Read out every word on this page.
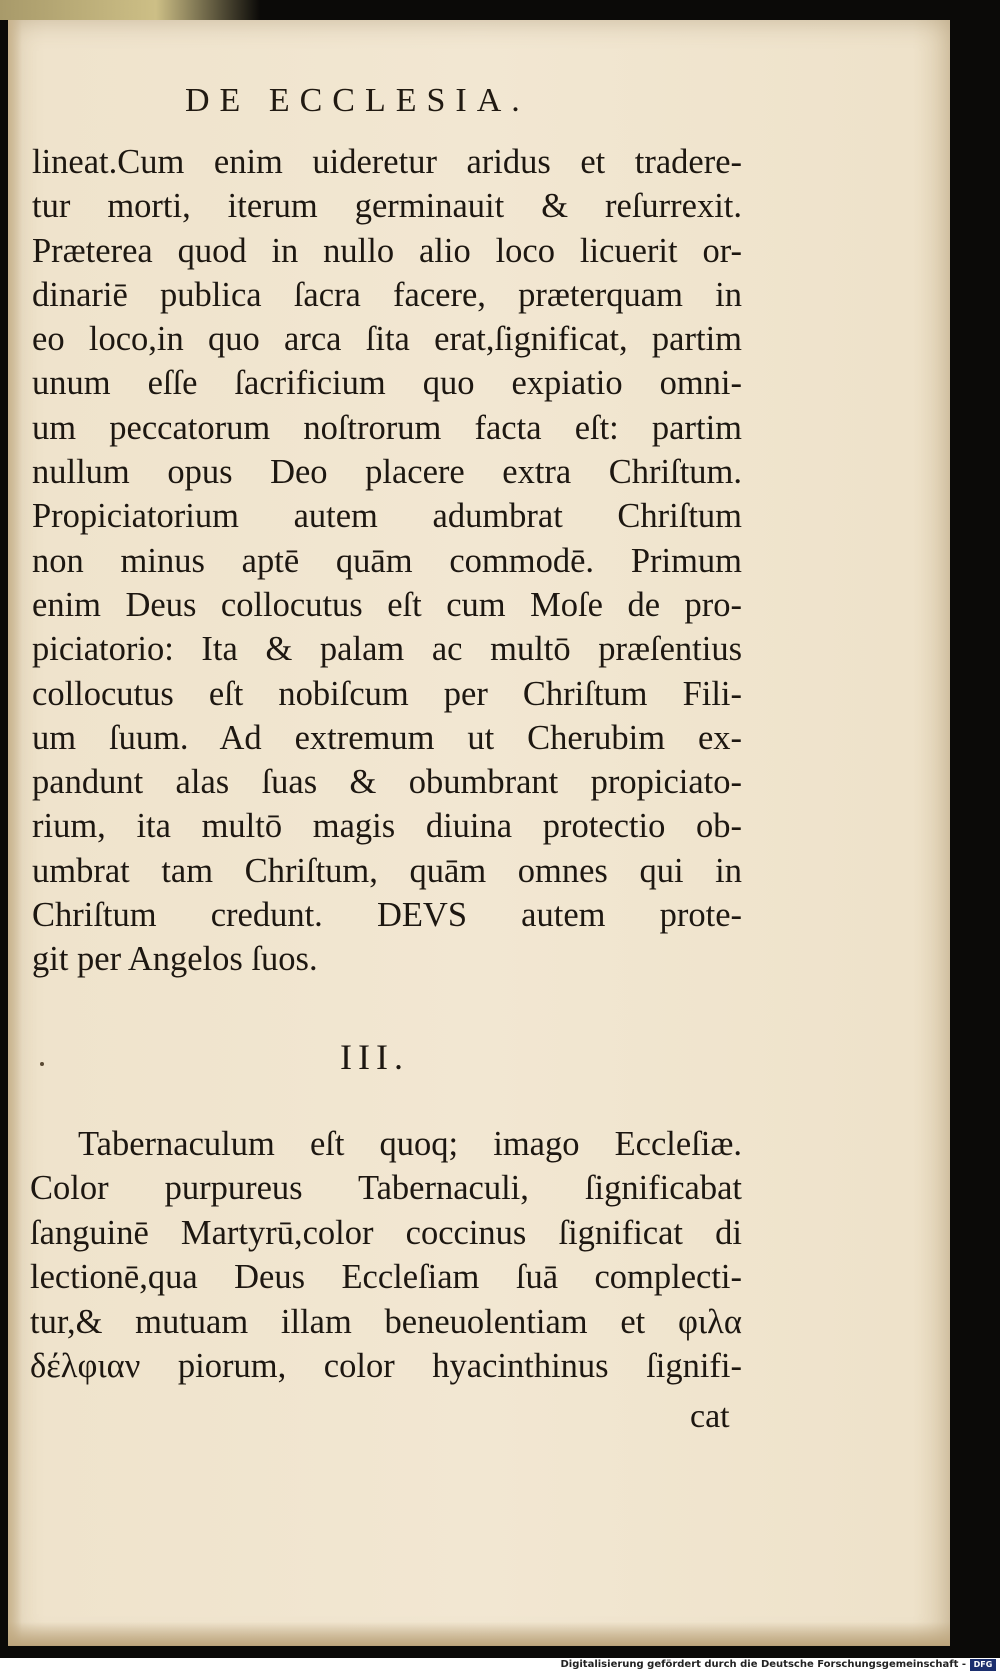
DE ECCLESIA.
lineat.Cum enim uideretur aridus et tradere-
tur morti, iterum germinauit & reſurrexit.
Præterea quod in nullo alio loco licuerit or-
dinariē publica ſacra facere, præterquam in
eo loco,in quo arca ſita erat,ſignificat, partim
unum eſſe ſacrificium quo expiatio omni-
um peccatorum noſtrorum facta eſt: partim
nullum opus Deo placere extra Chriſtum.
Propiciatorium autem adumbrat Chriſtum
non minus aptē quām commodē. Primum
enim Deus collocutus eſt cum Moſe de pro-
piciatorio: Ita & palam ac multō præſentius
collocutus eſt nobiſcum per Chriſtum Fili-
um ſuum. Ad extremum ut Cherubim ex-
pandunt alas ſuas & obumbrant propiciato-
rium, ita multō magis diuina protectio ob-
umbrat tam Chriſtum, quām omnes qui in
Chriſtum credunt. DEVS autem prote-
git per Angelos ſuos.
III.
Tabernaculum eſt quoq; imago Eccleſiæ.
Color purpureus Tabernaculi, ſignificabat
ſanguinē Martyrū,color coccinus ſignificat di
lectionē,qua Deus Eccleſiam ſuā complecti-
tur,& mutuam illam beneuolentiam et φιλα
δέλφιαν piorum, color hyacinthinus ſignifi-
cat
Digitalisierung gefördert durch die Deutsche Forschungsgemeinschaft - DFG
